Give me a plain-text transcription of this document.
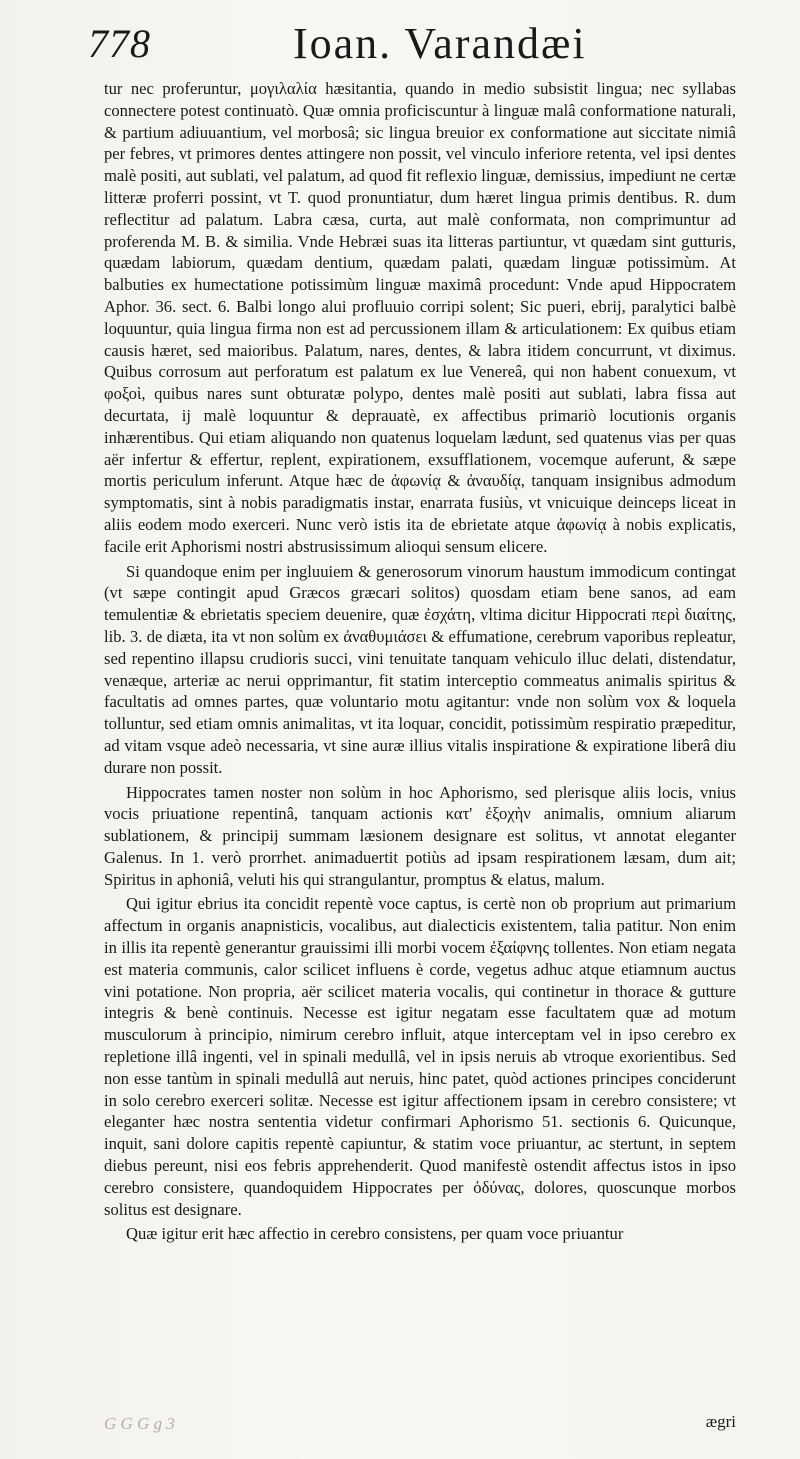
778	Ioan. Varandæi

tur nec proferuntur, μογιλαλία hæsitantia, quando in medio subsistit lingua; nec syllabas connectere potest continuatò. Quæ omnia proficiscuntur à linguæ malâ conformatione naturali, & partium adiuuantium, vel morbosâ; sic lingua breuior ex conformatione aut siccitate nimiâ per febres, vt primores dentes attingere non possit, vel vinculo inferiore retenta, vel ipsi dentes malè positi, aut sublati, vel palatum, ad quod fit reflexio linguæ, demissius, impediunt ne certæ litteræ proferri possint, vt T. quod pronuntiatur, dum hæret lingua primis dentibus. R. dum reflectitur ad palatum. Labra cæsa, curta, aut malè conformata, non comprimuntur ad proferenda M. B. & similia. Vnde Hebræi suas ita litteras partiuntur, vt quædam sint gutturis, quædam labiorum, quædam dentium, quædam palati, quædam linguæ potissimùm. At balbuties ex humectatione potissimùm linguæ maximâ procedunt: Vnde apud Hippocratem Aphor. 36. sect. 6. Balbi longo alui profluuio corripi solent; Sic pueri, ebrij, paralytici balbè loquuntur, quia lingua firma non est ad percussionem illam & articulationem: Ex quibus etiam causis hæret, sed maioribus. Palatum, nares, dentes, & labra itidem concurrunt, vt diximus. Quibus corrosum aut perforatum est palatum ex lue Venereâ, qui non habent conuexum, vt φοξοὶ, quibus nares sunt obturatæ polypo, dentes malè positi aut sublati, labra fissa aut decurtata, ij malè loquuntur & deprauatè, ex affectibus primariò locutionis organis inhærentibus. Qui etiam aliquando non quatenus loquelam lædunt, sed quatenus vias per quas aër infertur & effertur, replent, expirationem, exsufflationem, vocemque auferunt, & sæpe mortis periculum inferunt. Atque hæc de ἀφωνίᾳ & ἀναυδίᾳ, tanquam insignibus admodum symptomatis, sint à nobis paradigmatis instar, enarrata fusiùs, vt vnicuique deinceps liceat in aliis eodem modo exerceri. Nunc verò istis ita de ebrietate atque ἀφωνίᾳ à nobis explicatis, facile erit Aphorismi nostri abstrusissimum alioqui sensum elicere.

Si quandoque enim per ingluuiem & generosorum vinorum haustum immodicum contingat (vt sæpe contingit apud Græcos græcari solitos) quosdam etiam bene sanos, ad eam temulentiæ & ebrietatis speciem deuenire, quæ ἐσχάτη, vltima dicitur Hippocrati περὶ διαίτης, lib. 3. de diæta, ita vt non solùm ex ἀναθυμιάσει & effumatione, cerebrum vaporibus repleatur, sed repentino illapsu crudioris succi, vini tenuitate tanquam vehiculo illuc delati, distendatur, venæque, arteriæ ac nerui opprimantur, fit statim interceptio commeatus animalis spiritus & facultatis ad omnes partes, quæ voluntario motu agitantur: vnde non solùm vox & loquela tolluntur, sed etiam omnis animalitas, vt ita loquar, concidit, potissimùm respiratio præpeditur, ad vitam vsque adeò necessaria, vt sine auræ illius vitalis inspiratione & expiratione liberâ diu durare non possit.

Hippocrates tamen noster non solùm in hoc Aphorismo, sed plerisque aliis locis, vnius vocis priuatione repentinâ, tanquam actionis κατ' ἐξοχὴν animalis, omnium aliarum sublationem, & principij summam læsionem designare est solitus, vt annotat eleganter Galenus. In 1. verò prorrhet. animaduertit potiùs ad ipsam respirationem læsam, dum ait; Spiritus in aphoniâ, veluti his qui strangulantur, promptus & elatus, malum.

Qui igitur ebrius ita concidit repentè voce captus, is certè non ob proprium aut primarium affectum in organis anapnisticis, vocalibus, aut dialecticis existentem, talia patitur. Non enim in illis ita repentè generantur grauissimi illi morbi vocem ἐξαίφνης tollentes. Non etiam negata est materia communis, calor scilicet influens è corde, vegetus adhuc atque etiamnum auctus vini potatione. Non propria, aër scilicet materia vocalis, qui continetur in thorace & gutture integris & benè continuis. Necesse est igitur negatam esse facultatem quæ ad motum musculorum à principio, nimirum cerebro influit, atque interceptam vel in ipso cerebro ex repletione illâ ingenti, vel in spinali medullâ, vel in ipsis neruis ab vtroque exorientibus. Sed non esse tantùm in spinali medullâ aut neruis, hinc patet, quòd actiones principes conciderunt in solo cerebro exerceri solitæ. Necesse est igitur affectionem ipsam in cerebro consistere; vt eleganter hæc nostra sententia videtur confirmari Aphorismo 51. sectionis 6. Quicunque, inquit, sani dolore capitis repentè capiuntur, & statim voce priuantur, ac stertunt, in septem diebus pereunt, nisi eos febris apprehenderit. Quod manifestè ostendit affectus istos in ipso cerebro consistere, quandoquidem Hippocrates per ὀδύνας, dolores, quoscunque morbos solitus est designare.

Quæ igitur erit hæc affectio in cerebro consistens, per quam voce priuantur

G G G g 3	ægri
